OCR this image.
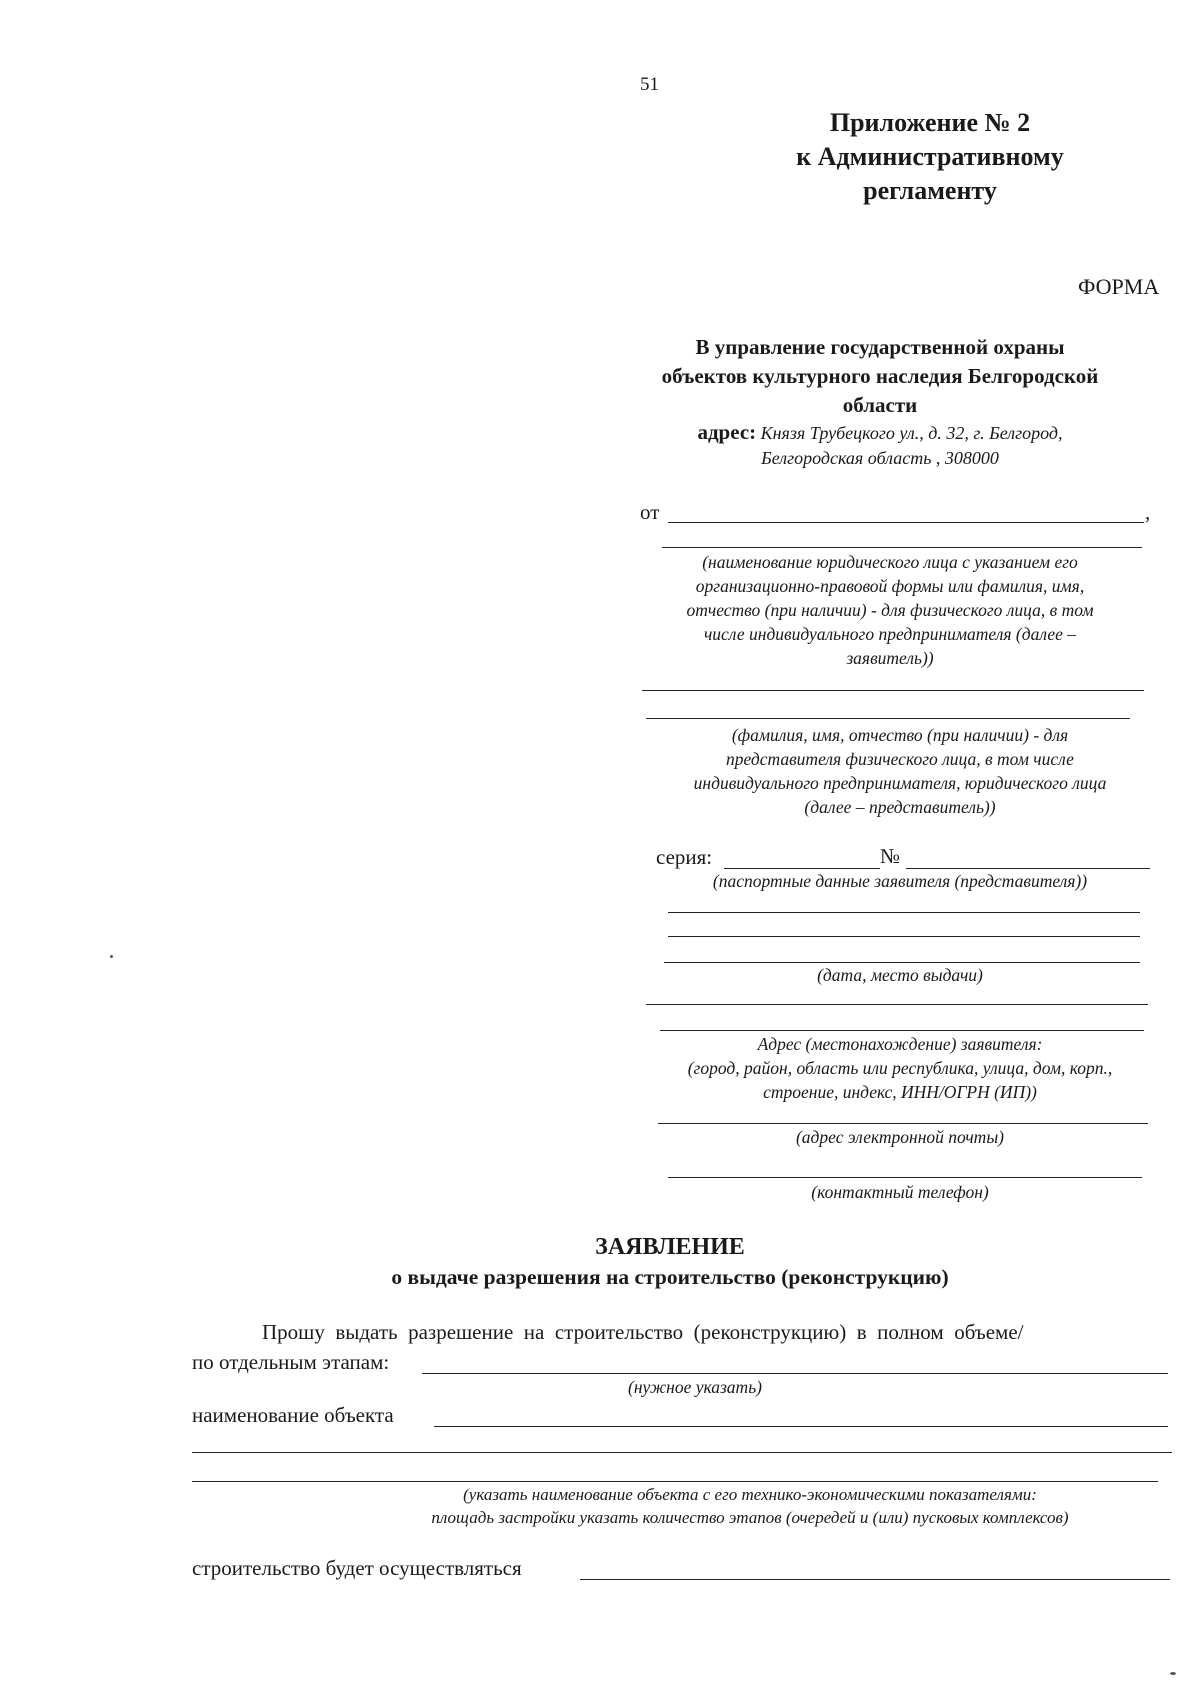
51
Приложение № 2
к Административному
регламенту
ФОРМА
В управление государственной охраны
объектов культурного наследия Белгородской
области
адрес: Князя Трубецкого ул., д. 32, г. Белгород,
Белгородская область , 308000
от	,
(наименование юридического лица с указанием его
организационно-правовой формы или фамилия, имя,
отчество (при наличии) - для физического лица, в том
числе индивидуального предпринимателя (далее –
заявитель))
(фамилия, имя, отчество (при наличии) - для
представителя физического лица, в том числе
индивидуального предпринимателя, юридического лица
(далее – представитель))
серия:	№
(паспортные данные заявителя (представителя))
(дата, место выдачи)
Адрес (местонахождение) заявителя:
(город, район, область или республика, улица, дом, корп.,
строение, индекс, ИНН/ОГРН (ИП))
(адрес электронной почты)
(контактный телефон)
ЗАЯВЛЕНИЕ
о выдаче разрешения на строительство (реконструкцию)
Прошу  выдать  разрешение  на  строительство  (реконструкцию)  в  полном  объеме/
по отдельным этапам:
(нужное указать)
наименование объекта
(указать наименование объекта с его технико-экономическими показателями:
площадь застройки указать количество этапов (очередей и (или) пусковых комплексов)
строительство будет осуществляться
